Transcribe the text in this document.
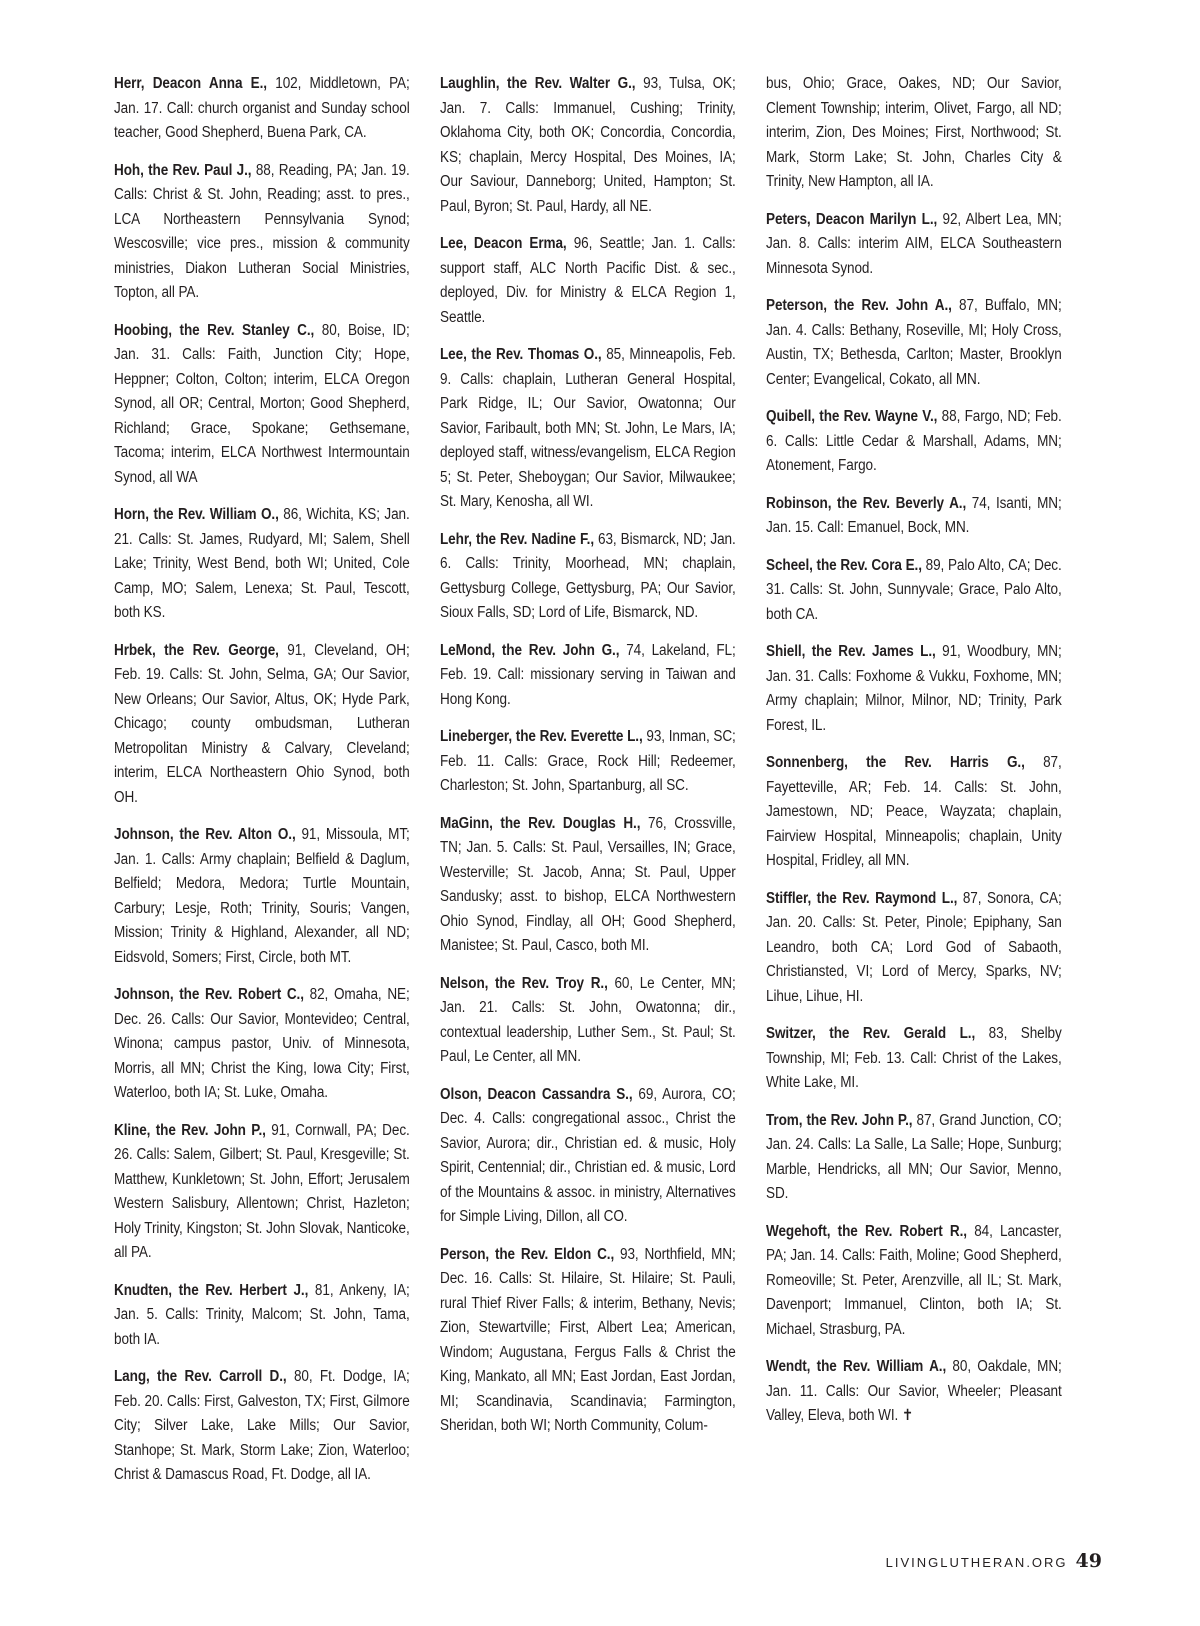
Herr, Deacon Anna E., 102, Middletown, PA; Jan. 17. Call: church organist and Sunday school teacher, Good Shepherd, Buena Park, CA.

Hoh, the Rev. Paul J., 88, Reading, PA; Jan. 19. Calls: Christ & St. John, Reading; asst. to pres., LCA Northeastern Pennsylvania Synod; Wescosville; vice pres., mission & community ministries, Diakon Lutheran Social Ministries, Topton, all PA.

Hoobing, the Rev. Stanley C., 80, Boise, ID; Jan. 31. Calls: Faith, Junction City; Hope, Heppner; Colton, Colton; interim, ELCA Oregon Synod, all OR; Central, Morton; Good Shepherd, Richland; Grace, Spokane; Gethsemane, Tacoma; interim, ELCA Northwest Intermountain Synod, all WA

Horn, the Rev. William O., 86, Wichita, KS; Jan. 21. Calls: St. James, Rudyard, MI; Salem, Shell Lake; Trinity, West Bend, both WI; United, Cole Camp, MO; Salem, Lenexa; St. Paul, Tescott, both KS.

Hrbek, the Rev. George, 91, Cleveland, OH; Feb. 19. Calls: St. John, Selma, GA; Our Savior, New Orleans; Our Savior, Altus, OK; Hyde Park, Chicago; county ombudsman, Lutheran Metropolitan Ministry & Calvary, Cleveland; interim, ELCA Northeastern Ohio Synod, both OH.

Johnson, the Rev. Alton O., 91, Missoula, MT; Jan. 1. Calls: Army chaplain; Belfield & Daglum, Belfield; Medora, Medora; Turtle Mountain, Carbury; Lesje, Roth; Trinity, Souris; Vangen, Mission; Trinity & Highland, Alexander, all ND; Eidsvold, Somers; First, Circle, both MT.

Johnson, the Rev. Robert C., 82, Omaha, NE; Dec. 26. Calls: Our Savior, Montevideo; Central, Winona; campus pastor, Univ. of Minnesota, Morris, all MN; Christ the King, Iowa City; First, Waterloo, both IA; St. Luke, Omaha.

Kline, the Rev. John P., 91, Cornwall, PA; Dec. 26. Calls: Salem, Gilbert; St. Paul, Kresgeville; St. Matthew, Kunkletown; St. John, Effort; Jerusalem Western Salisbury, Allentown; Christ, Hazleton; Holy Trinity, Kingston; St. John Slovak, Nanticoke, all PA.

Knudten, the Rev. Herbert J., 81, Ankeny, IA; Jan. 5. Calls: Trinity, Malcom; St. John, Tama, both IA.

Lang, the Rev. Carroll D., 80, Ft. Dodge, IA; Feb. 20. Calls: First, Galveston, TX; First, Gilmore City; Silver Lake, Lake Mills; Our Savior, Stanhope; St. Mark, Storm Lake; Zion, Waterloo; Christ & Damascus Road, Ft. Dodge, all IA.

Laughlin, the Rev. Walter G., 93, Tulsa, OK; Jan. 7. Calls: Immanuel, Cushing; Trinity, Oklahoma City, both OK; Concordia, Concordia, KS; chaplain, Mercy Hospital, Des Moines, IA; Our Saviour, Danneborg; United, Hampton; St. Paul, Byron; St. Paul, Hardy, all NE.

Lee, Deacon Erma, 96, Seattle; Jan. 1. Calls: support staff, ALC North Pacific Dist. & sec., deployed, Div. for Ministry & ELCA Region 1, Seattle.

Lee, the Rev. Thomas O., 85, Minneapolis, Feb. 9. Calls: chaplain, Lutheran General Hospital, Park Ridge, IL; Our Savior, Owatonna; Our Savior, Faribault, both MN; St. John, Le Mars, IA; deployed staff, witness/evangelism, ELCA Region 5; St. Peter, Sheboygan; Our Savior, Milwaukee; St. Mary, Kenosha, all WI.

Lehr, the Rev. Nadine F., 63, Bismarck, ND; Jan. 6. Calls: Trinity, Moorhead, MN; chaplain, Gettysburg College, Gettysburg, PA; Our Savior, Sioux Falls, SD; Lord of Life, Bismarck, ND.

LeMond, the Rev. John G., 74, Lakeland, FL; Feb. 19. Call: missionary serving in Taiwan and Hong Kong.

Lineberger, the Rev. Everette L., 93, Inman, SC; Feb. 11. Calls: Grace, Rock Hill; Redeemer, Charleston; St. John, Spartanburg, all SC.

MaGinn, the Rev. Douglas H., 76, Crossville, TN; Jan. 5. Calls: St. Paul, Versailles, IN; Grace, Westerville; St. Jacob, Anna; St. Paul, Upper Sandusky; asst. to bishop, ELCA Northwestern Ohio Synod, Findlay, all OH; Good Shepherd, Manistee; St. Paul, Casco, both MI.

Nelson, the Rev. Troy R., 60, Le Center, MN; Jan. 21. Calls: St. John, Owatonna; dir., contextual leadership, Luther Sem., St. Paul; St. Paul, Le Center, all MN.

Olson, Deacon Cassandra S., 69, Aurora, CO; Dec. 4. Calls: congregational assoc., Christ the Savior, Aurora; dir., Christian ed. & music, Holy Spirit, Centennial; dir., Christian ed. & music, Lord of the Mountains & assoc. in ministry, Alternatives for Simple Living, Dillon, all CO.

Person, the Rev. Eldon C., 93, Northfield, MN; Dec. 16. Calls: St. Hilaire, St. Hilaire; St. Pauli, rural Thief River Falls; & interim, Bethany, Nevis; Zion, Stewartville; First, Albert Lea; American, Windom; Augustana, Fergus Falls & Christ the King, Mankato, all MN; East Jordan, East Jordan, MI; Scandinavia, Scandinavia; Farmington, Sheridan, both WI; North Community, Colum-

bus, Ohio; Grace, Oakes, ND; Our Savior, Clement Township; interim, Olivet, Fargo, all ND; interim, Zion, Des Moines; First, Northwood; St. Mark, Storm Lake; St. John, Charles City & Trinity, New Hampton, all IA.

Peters, Deacon Marilyn L., 92, Albert Lea, MN; Jan. 8. Calls: interim AIM, ELCA Southeastern Minnesota Synod.

Peterson, the Rev. John A., 87, Buffalo, MN; Jan. 4. Calls: Bethany, Roseville, MI; Holy Cross, Austin, TX; Bethesda, Carlton; Master, Brooklyn Center; Evangelical, Cokato, all MN.

Quibell, the Rev. Wayne V., 88, Fargo, ND; Feb. 6. Calls: Little Cedar & Marshall, Adams, MN; Atonement, Fargo.

Robinson, the Rev. Beverly A., 74, Isanti, MN; Jan. 15. Call: Emanuel, Bock, MN.

Scheel, the Rev. Cora E., 89, Palo Alto, CA; Dec. 31. Calls: St. John, Sunnyvale; Grace, Palo Alto, both CA.

Shiell, the Rev. James L., 91, Woodbury, MN; Jan. 31. Calls: Foxhome & Vukku, Foxhome, MN; Army chaplain; Milnor, Milnor, ND; Trinity, Park Forest, IL.

Sonnenberg, the Rev. Harris G., 87, Fayetteville, AR; Feb. 14. Calls: St. John, Jamestown, ND; Peace, Wayzata; chaplain, Fairview Hospital, Minneapolis; chaplain, Unity Hospital, Fridley, all MN.

Stiffler, the Rev. Raymond L., 87, Sonora, CA; Jan. 20. Calls: St. Peter, Pinole; Epiphany, San Leandro, both CA; Lord God of Sabaoth, Christiansted, VI; Lord of Mercy, Sparks, NV; Lihue, Lihue, HI.

Switzer, the Rev. Gerald L., 83, Shelby Township, MI; Feb. 13. Call: Christ of the Lakes, White Lake, MI.

Trom, the Rev. John P., 87, Grand Junction, CO; Jan. 24. Calls: La Salle, La Salle; Hope, Sunburg; Marble, Hendricks, all MN; Our Savior, Menno, SD.

Wegehoft, the Rev. Robert R., 84, Lancaster, PA; Jan. 14. Calls: Faith, Moline; Good Shepherd, Romeoville; St. Peter, Arenzville, all IL; St. Mark, Davenport; Immanuel, Clinton, both IA; St. Michael, Strasburg, PA.

Wendt, the Rev. William A., 80, Oakdale, MN; Jan. 11. Calls: Our Savior, Wheeler; Pleasant Valley, Eleva, both WI. ✝

LIVINGLUTHERAN.ORG 49
